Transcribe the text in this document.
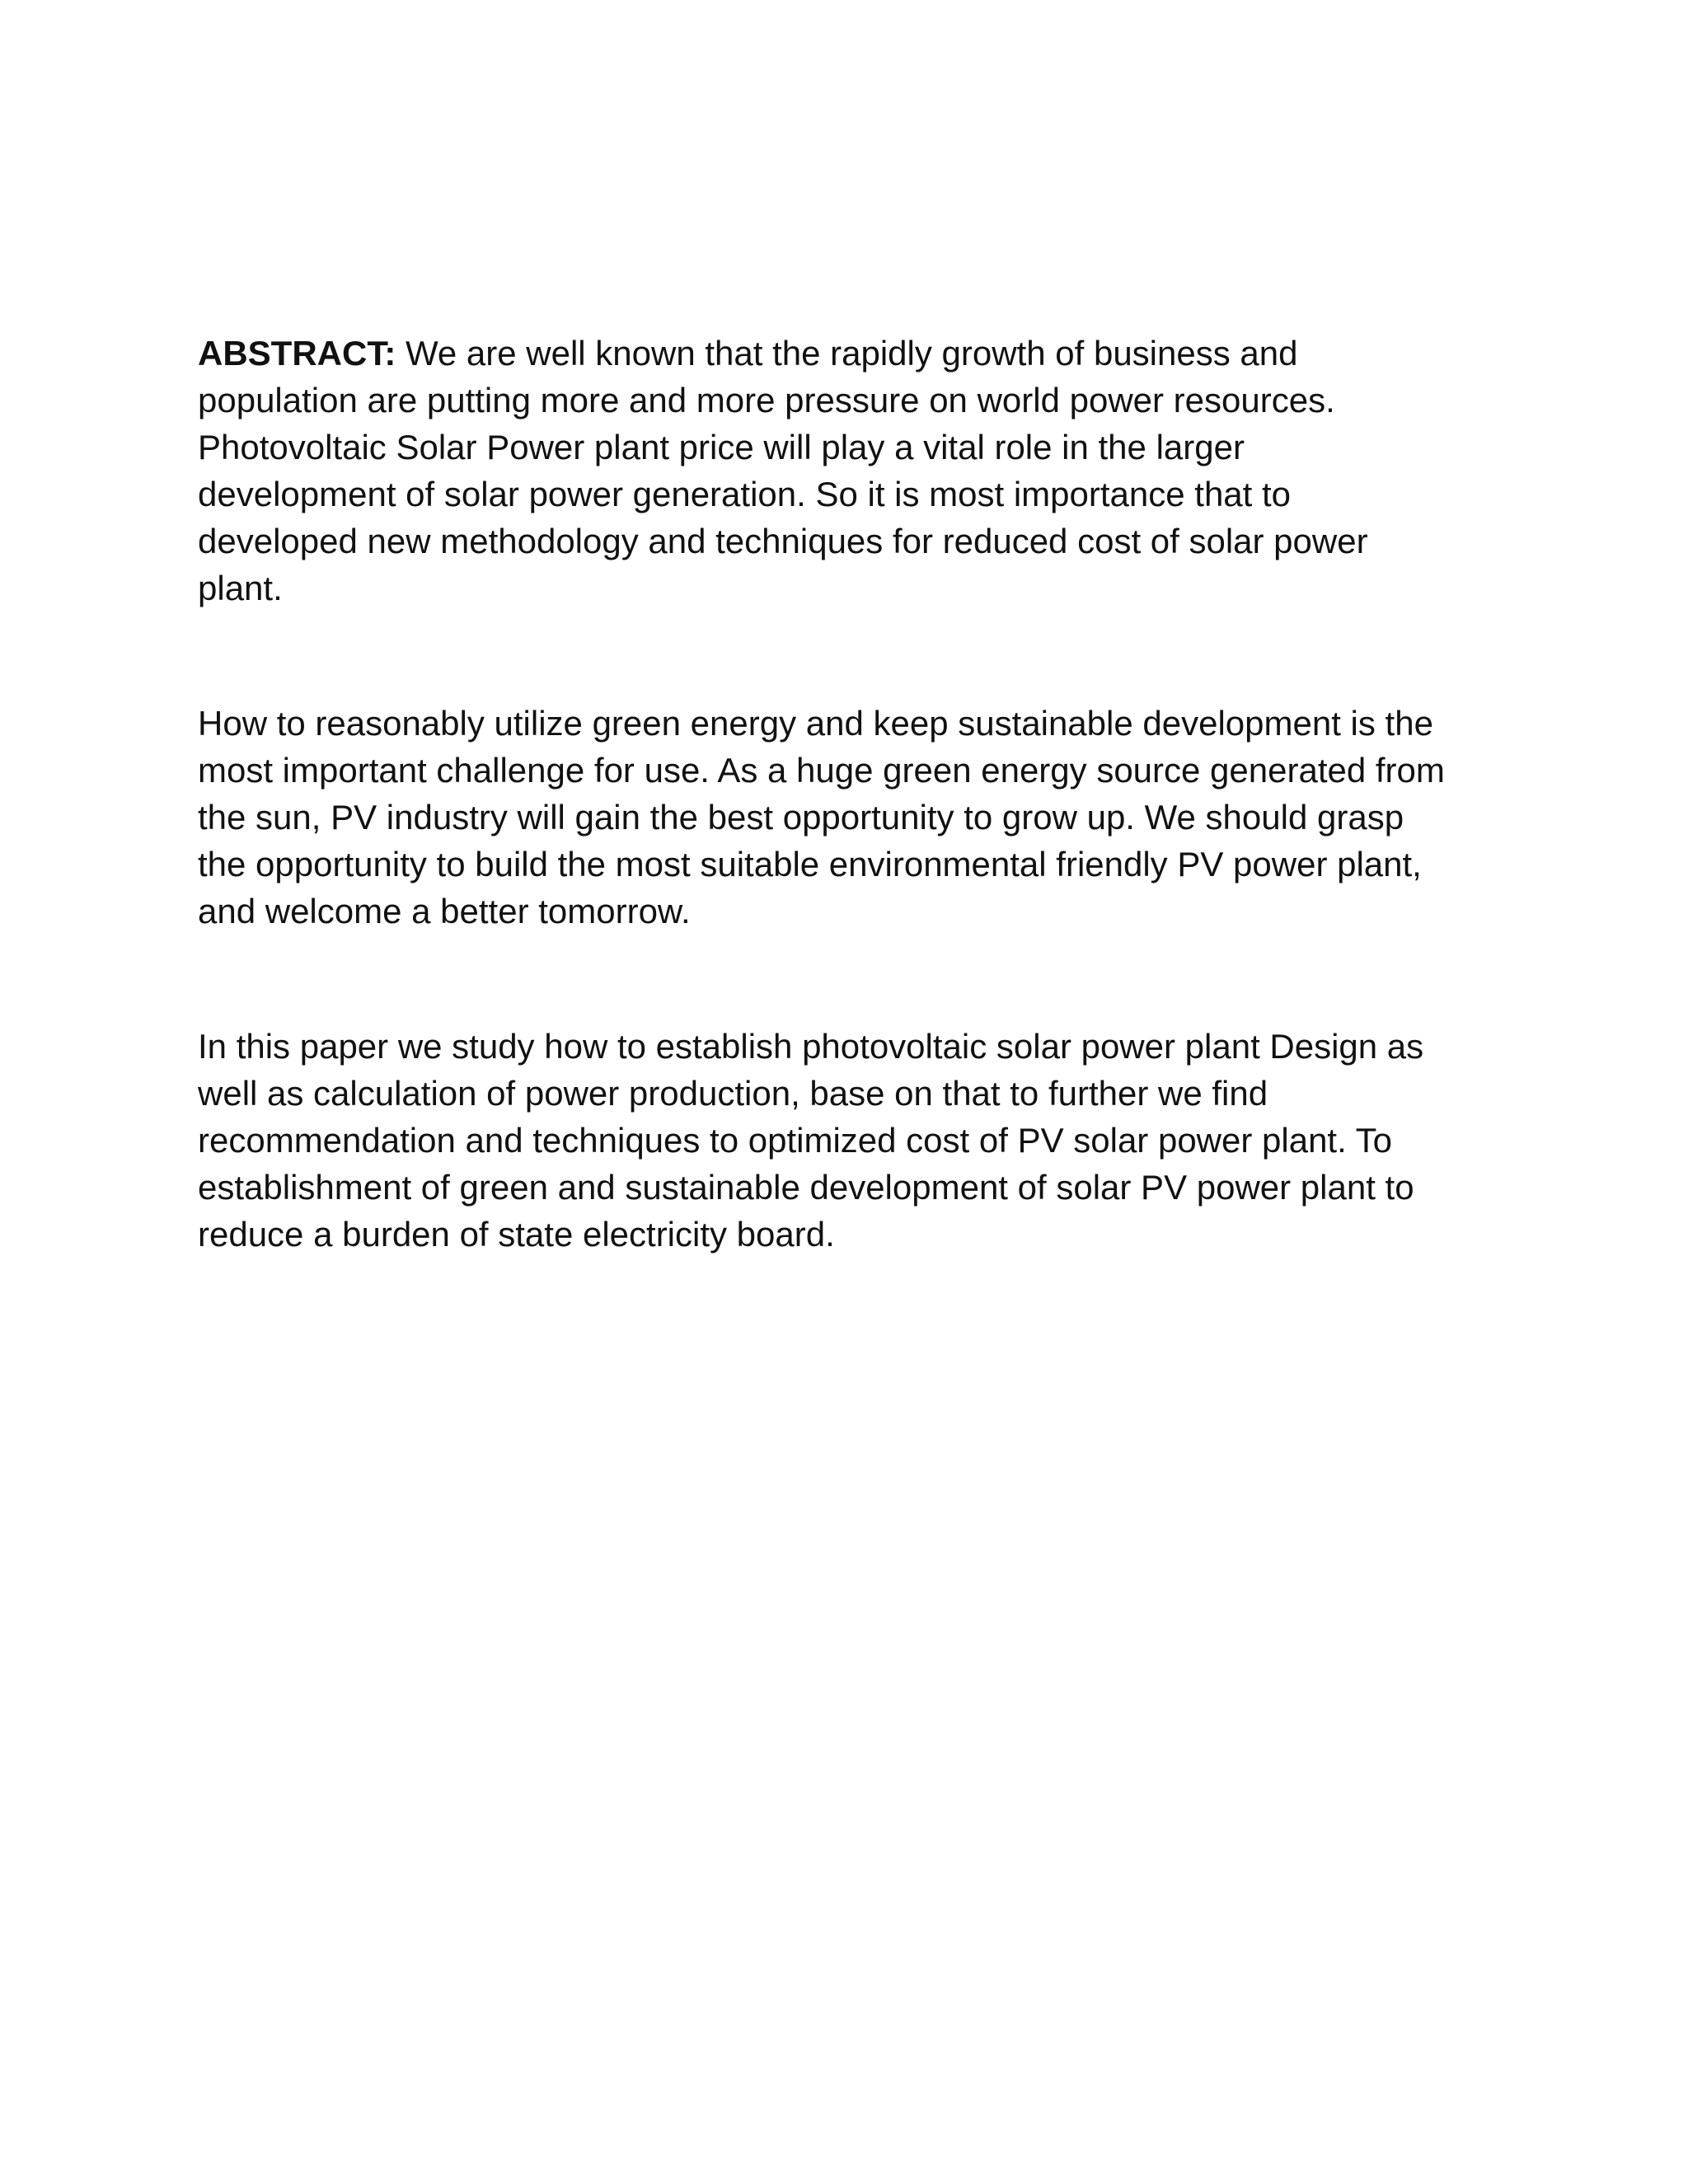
ABSTRACT: We are well known that the rapidly growth of business and
population are putting more and more pressure on world power resources.
Photovoltaic Solar Power plant price will play a vital role in the larger
development of solar power generation. So it is most importance that to
developed new methodology and techniques for reduced cost of solar power
plant.

How to reasonably utilize green energy and keep sustainable development is the
most important challenge for use. As a huge green energy source generated from
the sun, PV industry will gain the best opportunity to grow up. We should grasp
the opportunity to build the most suitable environmental friendly PV power plant,
and welcome a better tomorrow.

In this paper we study how to establish photovoltaic solar power plant Design as
well as calculation of power production, base on that to further we find
recommendation and techniques to optimized cost of PV solar power plant. To
establishment of green and sustainable development of solar PV power plant to
reduce a burden of state electricity board.
